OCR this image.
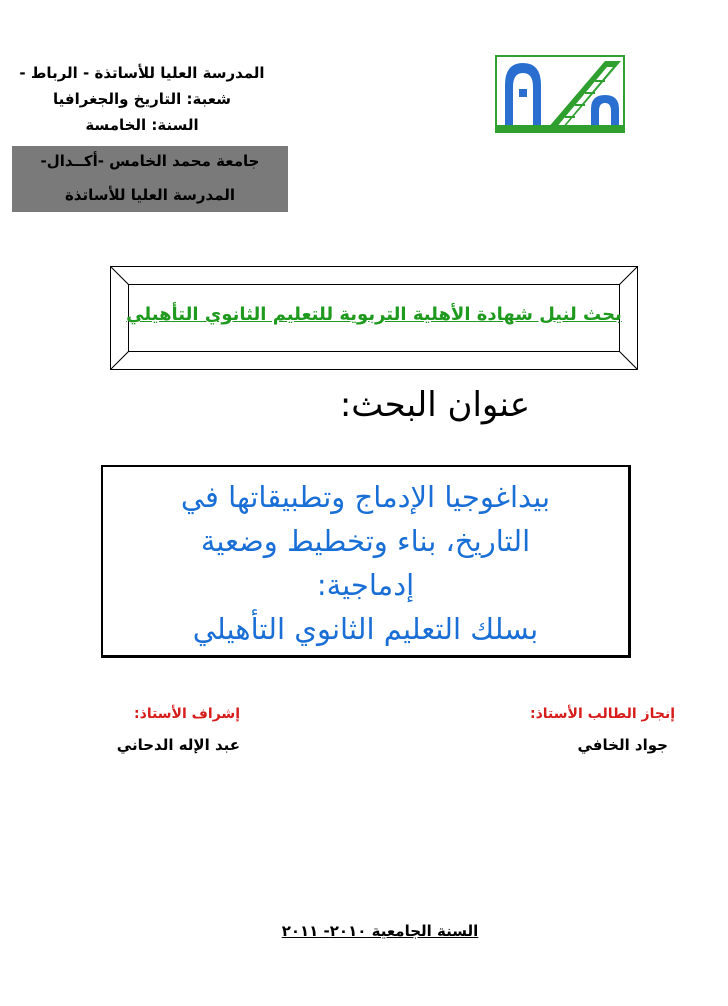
المدرسة العليا للأساتذة - الرباط -
شعبة: التاريخ والجغرافيا
السنة: الخامسة
جامعة محمد الخامس -أكــدال-
المدرسة العليا للأساتذة
بحث لنيل شهادة الأهلية التربوية للتعليم الثانوي التأهيلي
عنوان البحث:
بيداغوجيا الإدماج وتطبيقاتها في
التاريخ، بناء وتخطيط وضعية
إدماجية:
بسلك التعليم الثانوي التأهيلي
إنجاز الطالب الأستاذ:
جواد الخافي
إشراف الأستاذ:
عبد الإله الدحاني
السنة الجامعية ٢٠١٠- ٢٠١١
